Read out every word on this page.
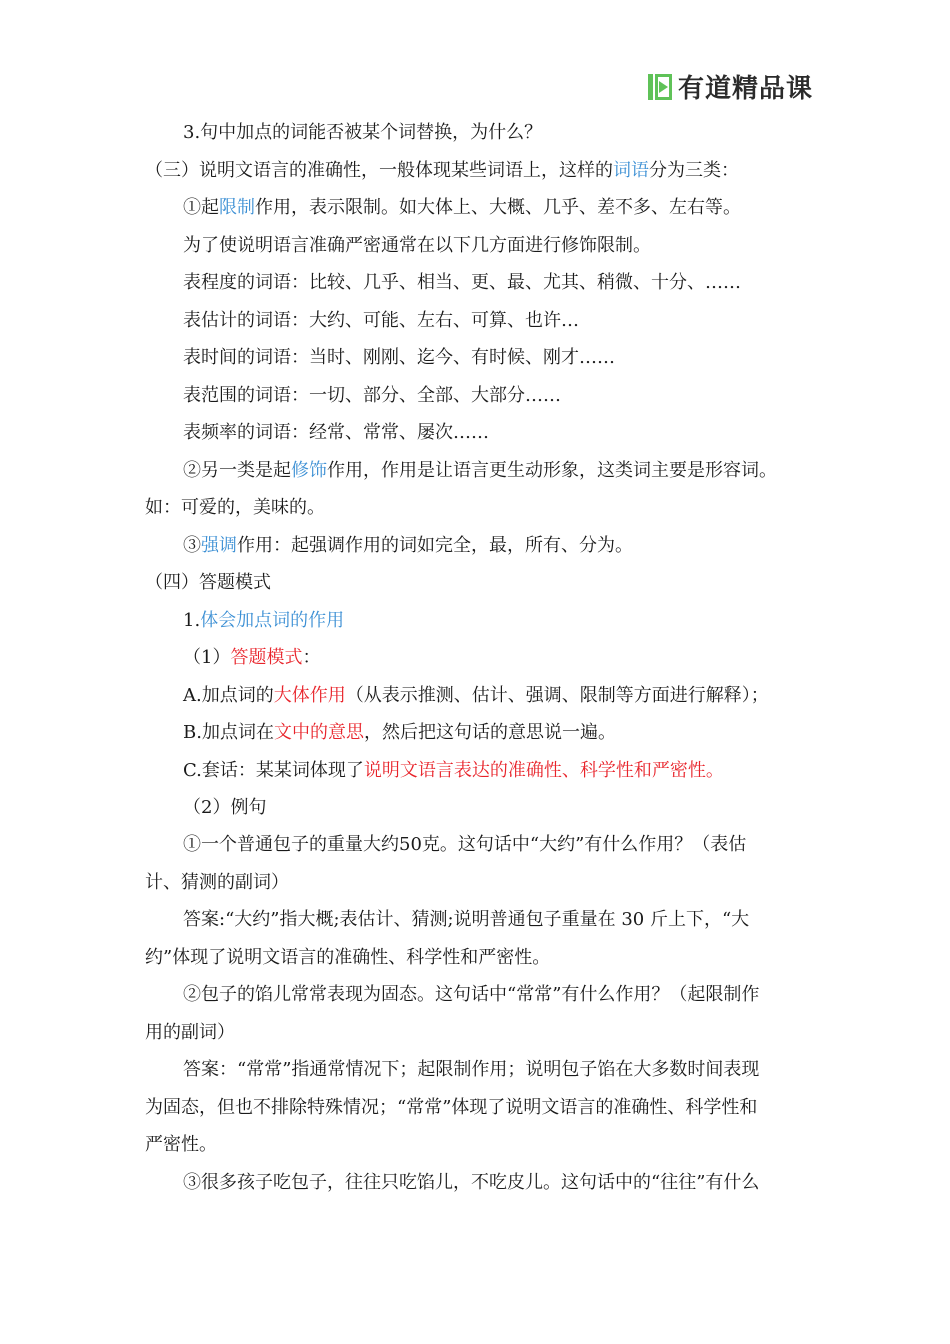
有道精品课
3.句中加点的词能否被某个词替换，为什么？
（三）说明文语言的准确性，一般体现某些词语上，这样的词语分为三类：
①起限制作用，表示限制。如大体上、大概、几乎、差不多、左右等。
为了使说明语言准确严密通常在以下几方面进行修饰限制。
表程度的词语：比较、几乎、相当、更、最、尤其、稍微、十分、……
表估计的词语：大约、可能、左右、可算、也许…
表时间的词语：当时、刚刚、迄今、有时候、刚才……
表范围的词语：一切、部分、全部、大部分……
表频率的词语：经常、常常、屡次……
②另一类是起修饰作用，作用是让语言更生动形象，这类词主要是形容词。
如：可爱的，美味的。
③强调作用：起强调作用的词如完全，最，所有、分为。
（四）答题模式
1.体会加点词的作用
（1）答题模式：
A.加点词的大体作用（从表示推测、估计、强调、限制等方面进行解释）；
B.加点词在文中的意思，然后把这句话的意思说一遍。
C.套话：某某词体现了说明文语言表达的准确性、科学性和严密性。
（2）例句
①一个普通包子的重量大约50克。这句话中“大约”有什么作用？（表估
计、猜测的副词）
答案:“大约”指大概;表估计、猜测;说明普通包子重量在 30 斤上下，“大
约”体现了说明文语言的准确性、科学性和严密性。
②包子的馅儿常常表现为固态。这句话中“常常”有什么作用？（起限制作
用的副词）
答案：“常常”指通常情况下；起限制作用；说明包子馅在大多数时间表现
为固态，但也不排除特殊情况；“常常”体现了说明文语言的准确性、科学性和
严密性。
③很多孩子吃包子，往往只吃馅儿，不吃皮儿。这句话中的“往往”有什么
